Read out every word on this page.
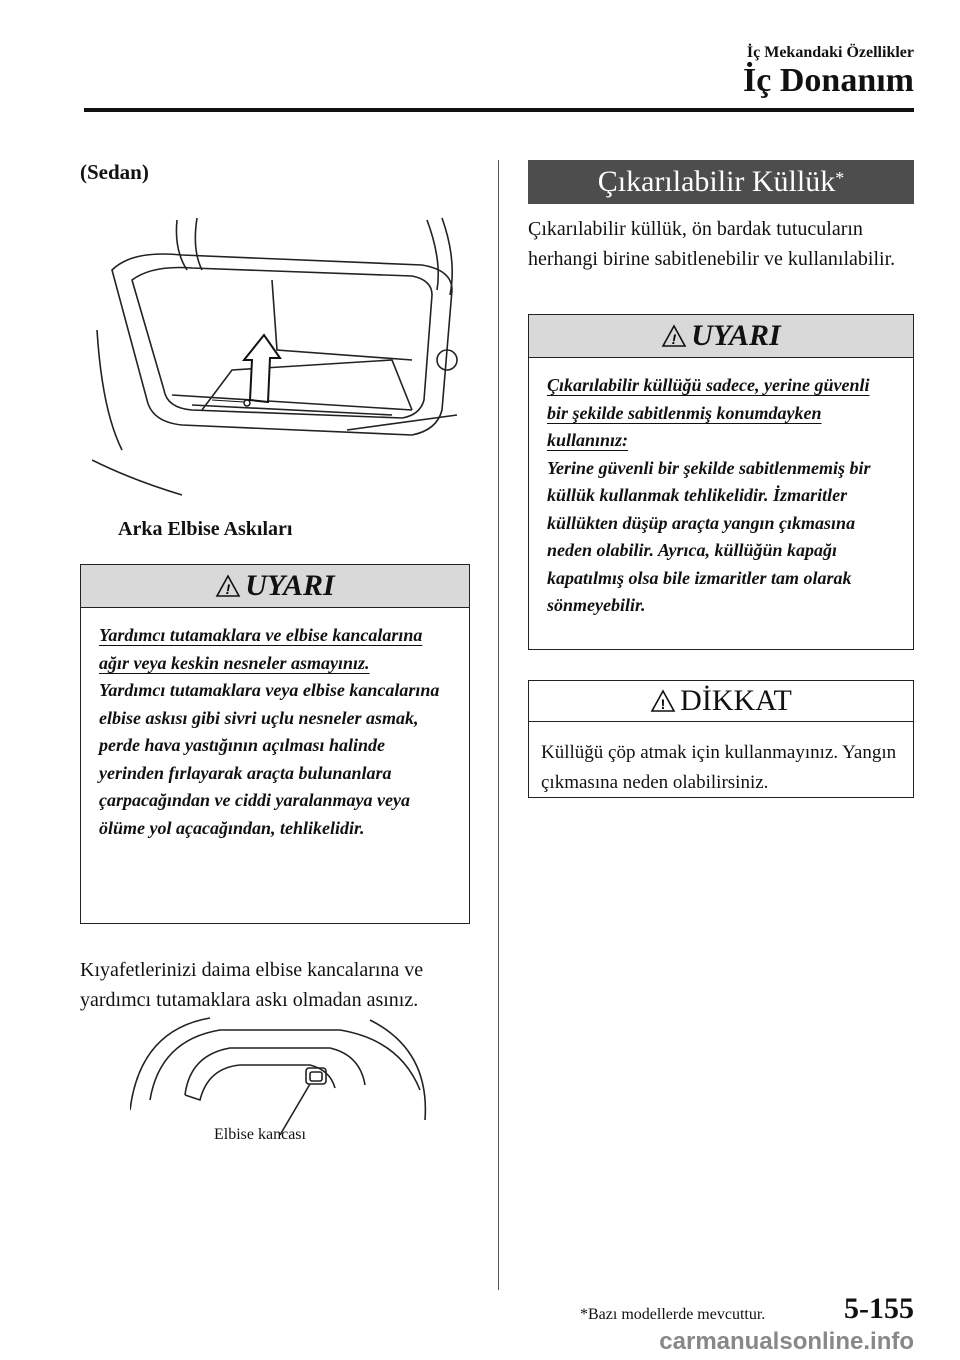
İç Mekandaki Özellikler
İç Donanım
(Sedan)
Arka Elbise Askıları
! UYARI

Yardımcı tutamaklara ve elbise kancalarına ağır veya keskin nesneler asmayınız.

Yardımcı tutamaklara veya elbise kancalarına elbise askısı gibi sivri uçlu nesneler asmak, perde hava yastığının açılması halinde yerinden fırlayarak araçta bulunanlara çarpacağından ve ciddi yaralanmaya veya ölüme yol açacağından, tehlikelidir.

Kıyafetlerinizi daima elbise kancalarına ve yardımcı tutamaklara askı olmadan asınız.
Elbise kancası
Çıkarılabilir Küllük*
Çıkarılabilir küllük, ön bardak tutucuların herhangi birine sabitlenebilir ve kullanılabilir.
! UYARI

Çıkarılabilir küllüğü sadece, yerine güvenli bir şekilde sabitlenmiş konumdayken kullanınız:

Yerine güvenli bir şekilde sabitlenmemiş bir küllük kullanmak tehlikelidir. İzmaritler küllükten düşüp araçta yangın çıkmasına neden olabilir. Ayrıca, küllüğün kapağı kapatılmış olsa bile izmaritler tam olarak sönmeyebilir.

! DİKKAT
Küllüğü çöp atmak için kullanmayınız. Yangın çıkmasına neden olabilirsiniz.
*Bazı modellerde mevcuttur.	5-155
carmanualsonline.info
